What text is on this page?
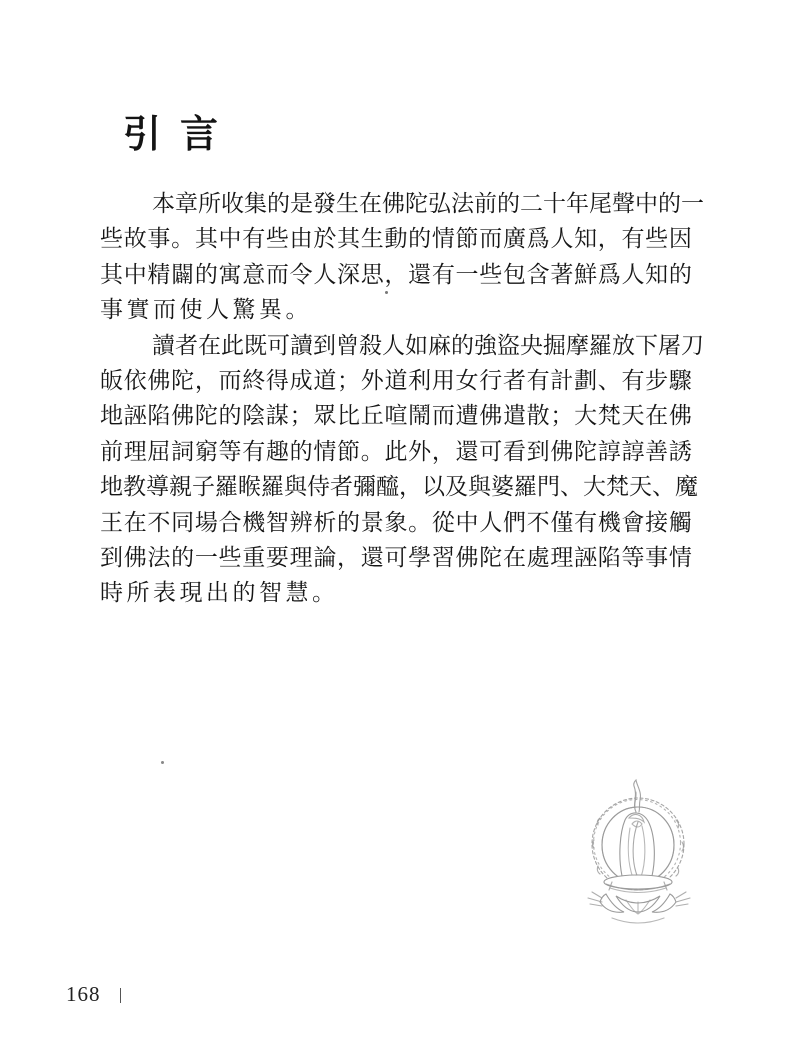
引言
本 章 所 收 集 的 是 發 生 在 佛 陀 弘 法 前 的 二 十 年 尾 聲 中 的 一
些 故 事 。 其 中 有 些 由 於 其 生 動 的 情 節 而 廣 爲 人 知 ， 有 些 因
其 中 精 闢 的 寓 意 而 令 人 深 思 ， 還 有 一 些 包 含 著 鮮 爲 人 知 的
事實而使人驚異。
讀 者 在 此 既 可 讀 到 曾 殺 人 如 麻 的 強 盜 央 掘 摩 羅 放 下 屠 刀
皈 依 佛 陀 ， 而 終 得 成 道 ； 外 道 利 用 女 行 者 有 計 劃 、 有 步 驟
地 誣 陷 佛 陀 的 陰 謀 ； 眾 比 丘 喧 鬧 而 遭 佛 遣 散 ； 大 梵 天 在 佛
前 理 屈 詞 窮 等 有 趣 的 情 節 。 此 外 ， 還 可 看 到 佛 陀 諄 諄 善 誘
地 教 導 親 子 羅 睺 羅 與 侍 者 彌 醯 ， 以 及 與 婆 羅 門 、 大 梵 天 、 魔
王 在 不 同 場 合 機 智 辨 析 的 景 象 。 從 中 人 們 不 僅 有 機 會 接 觸
到 佛 法 的 一 些 重 要 理 論 ， 還 可 學 習 佛 陀 在 處 理 誣 陷 等 事 情
時所表現出的智慧。
168
